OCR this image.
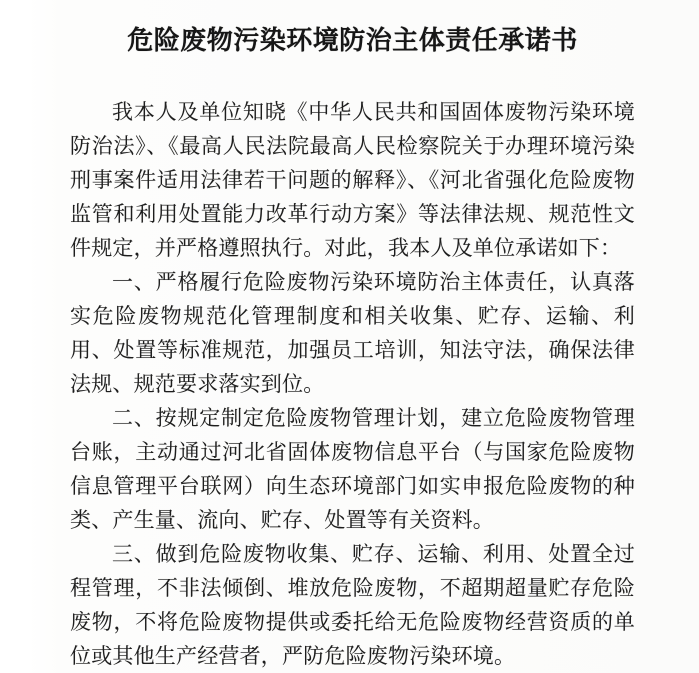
危险废物污染环境防治主体责任承诺书

我本人及单位知晓《中华人民共和国固体废物污染环境防治法》、《最高人民法院最高人民检察院关于办理环境污染刑事案件适用法律若干问题的解释》、《河北省强化危险废物监管和利用处置能力改革行动方案》等法律法规、规范性文件规定，并严格遵照执行。对此，我本人及单位承诺如下：

一、严格履行危险废物污染环境防治主体责任，认真落实危险废物规范化管理制度和相关收集、贮存、运输、利用、处置等标准规范，加强员工培训，知法守法，确保法律法规、规范要求落实到位。

二、按规定制定危险废物管理计划，建立危险废物管理台账，主动通过河北省固体废物信息平台（与国家危险废物信息管理平台联网）向生态环境部门如实申报危险废物的种类、产生量、流向、贮存、处置等有关资料。

三、做到危险废物收集、贮存、运输、利用、处置全过程管理，不非法倾倒、堆放危险废物，不超期超量贮存危险废物，不将危险废物提供或委托给无危险废物经营资质的单位或其他生产经营者，严防危险废物污染环境。
